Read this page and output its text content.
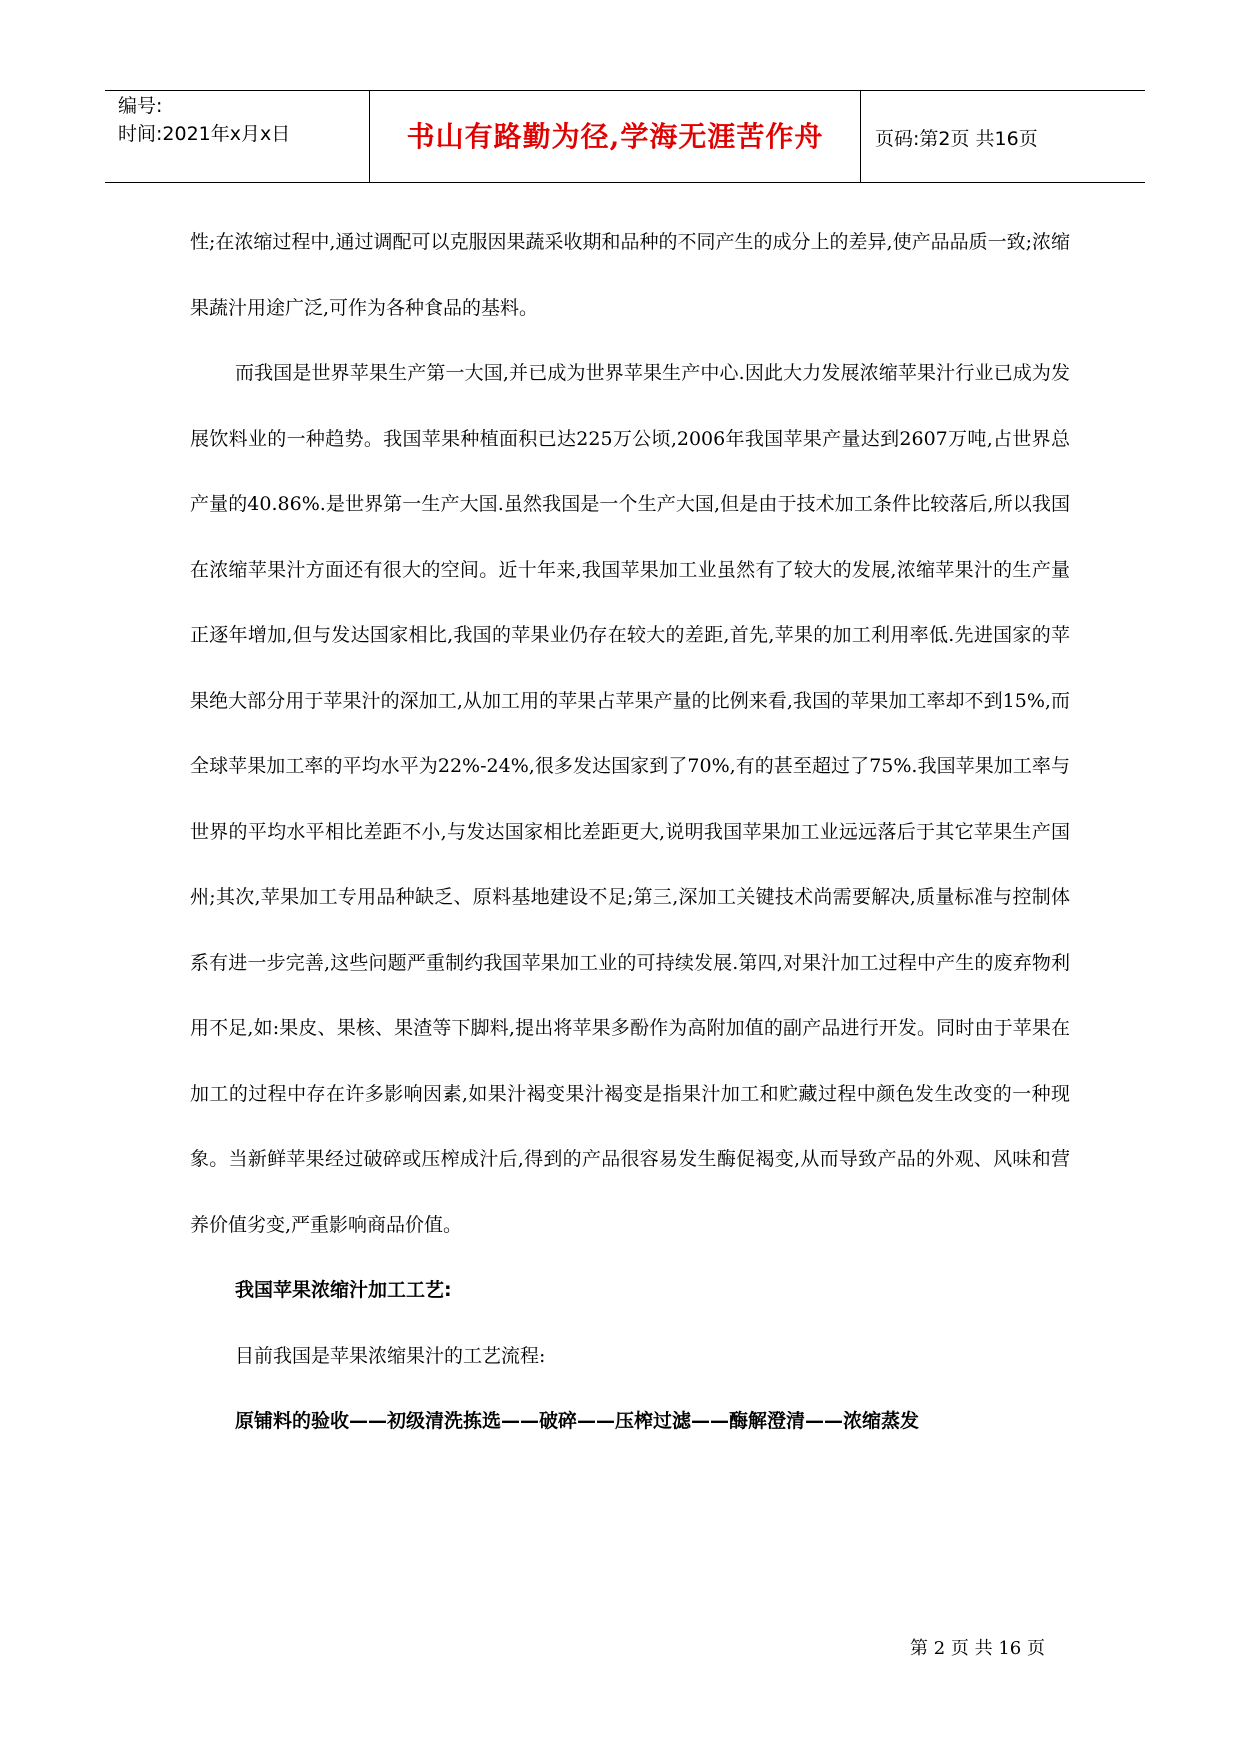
编号:
时间:2021年x月x日	书山有路勤为径,学海无涯苦作舟	页码:第2页 共16页

性;在浓缩过程中,通过调配可以克服因果蔬采收期和品种的不同产生的成分上的差异,使产品品质一致;浓缩果蔬汁用途广泛,可作为各种食品的基料。

而我国是世界苹果生产第一大国,并已成为世界苹果生产中心.因此大力发展浓缩苹果汁行业已成为发展饮料业的一种趋势。我国苹果种植面积已达225万公顷,2006年我国苹果产量达到2607万吨,占世界总产量的40.86%.是世界第一生产大国.虽然我国是一个生产大国,但是由于技术加工条件比较落后,所以我国在浓缩苹果汁方面还有很大的空间。近十年来,我国苹果加工业虽然有了较大的发展,浓缩苹果汁的生产量正逐年增加,但与发达国家相比,我国的苹果业仍存在较大的差距,首先,苹果的加工利用率低.先进国家的苹果绝大部分用于苹果汁的深加工,从加工用的苹果占苹果产量的比例来看,我国的苹果加工率却不到15%,而全球苹果加工率的平均水平为22%-24%,很多发达国家到了70%,有的甚至超过了75%.我国苹果加工率与世界的平均水平相比差距不小,与发达国家相比差距更大,说明我国苹果加工业远远落后于其它苹果生产国州;其次,苹果加工专用品种缺乏、原料基地建设不足;第三,深加工关键技术尚需要解决,质量标准与控制体系有进一步完善,这些问题严重制约我国苹果加工业的可持续发展.第四,对果汁加工过程中产生的废弃物利用不足,如:果皮、果核、果渣等下脚料,提出将苹果多酚作为高附加值的副产品进行开发。同时由于苹果在加工的过程中存在许多影响因素,如果汁褐变果汁褐变是指果汁加工和贮藏过程中颜色发生改变的一种现象。当新鲜苹果经过破碎或压榨成汁后,得到的产品很容易发生酶促褐变,从而导致产品的外观、风味和营养价值劣变,严重影响商品价值。

我国苹果浓缩汁加工工艺:

目前我国是苹果浓缩果汁的工艺流程:

原铺料的验收——初级清洗拣选——破碎——压榨过滤——酶解澄清——浓缩蒸发

第 2 页 共 16 页
